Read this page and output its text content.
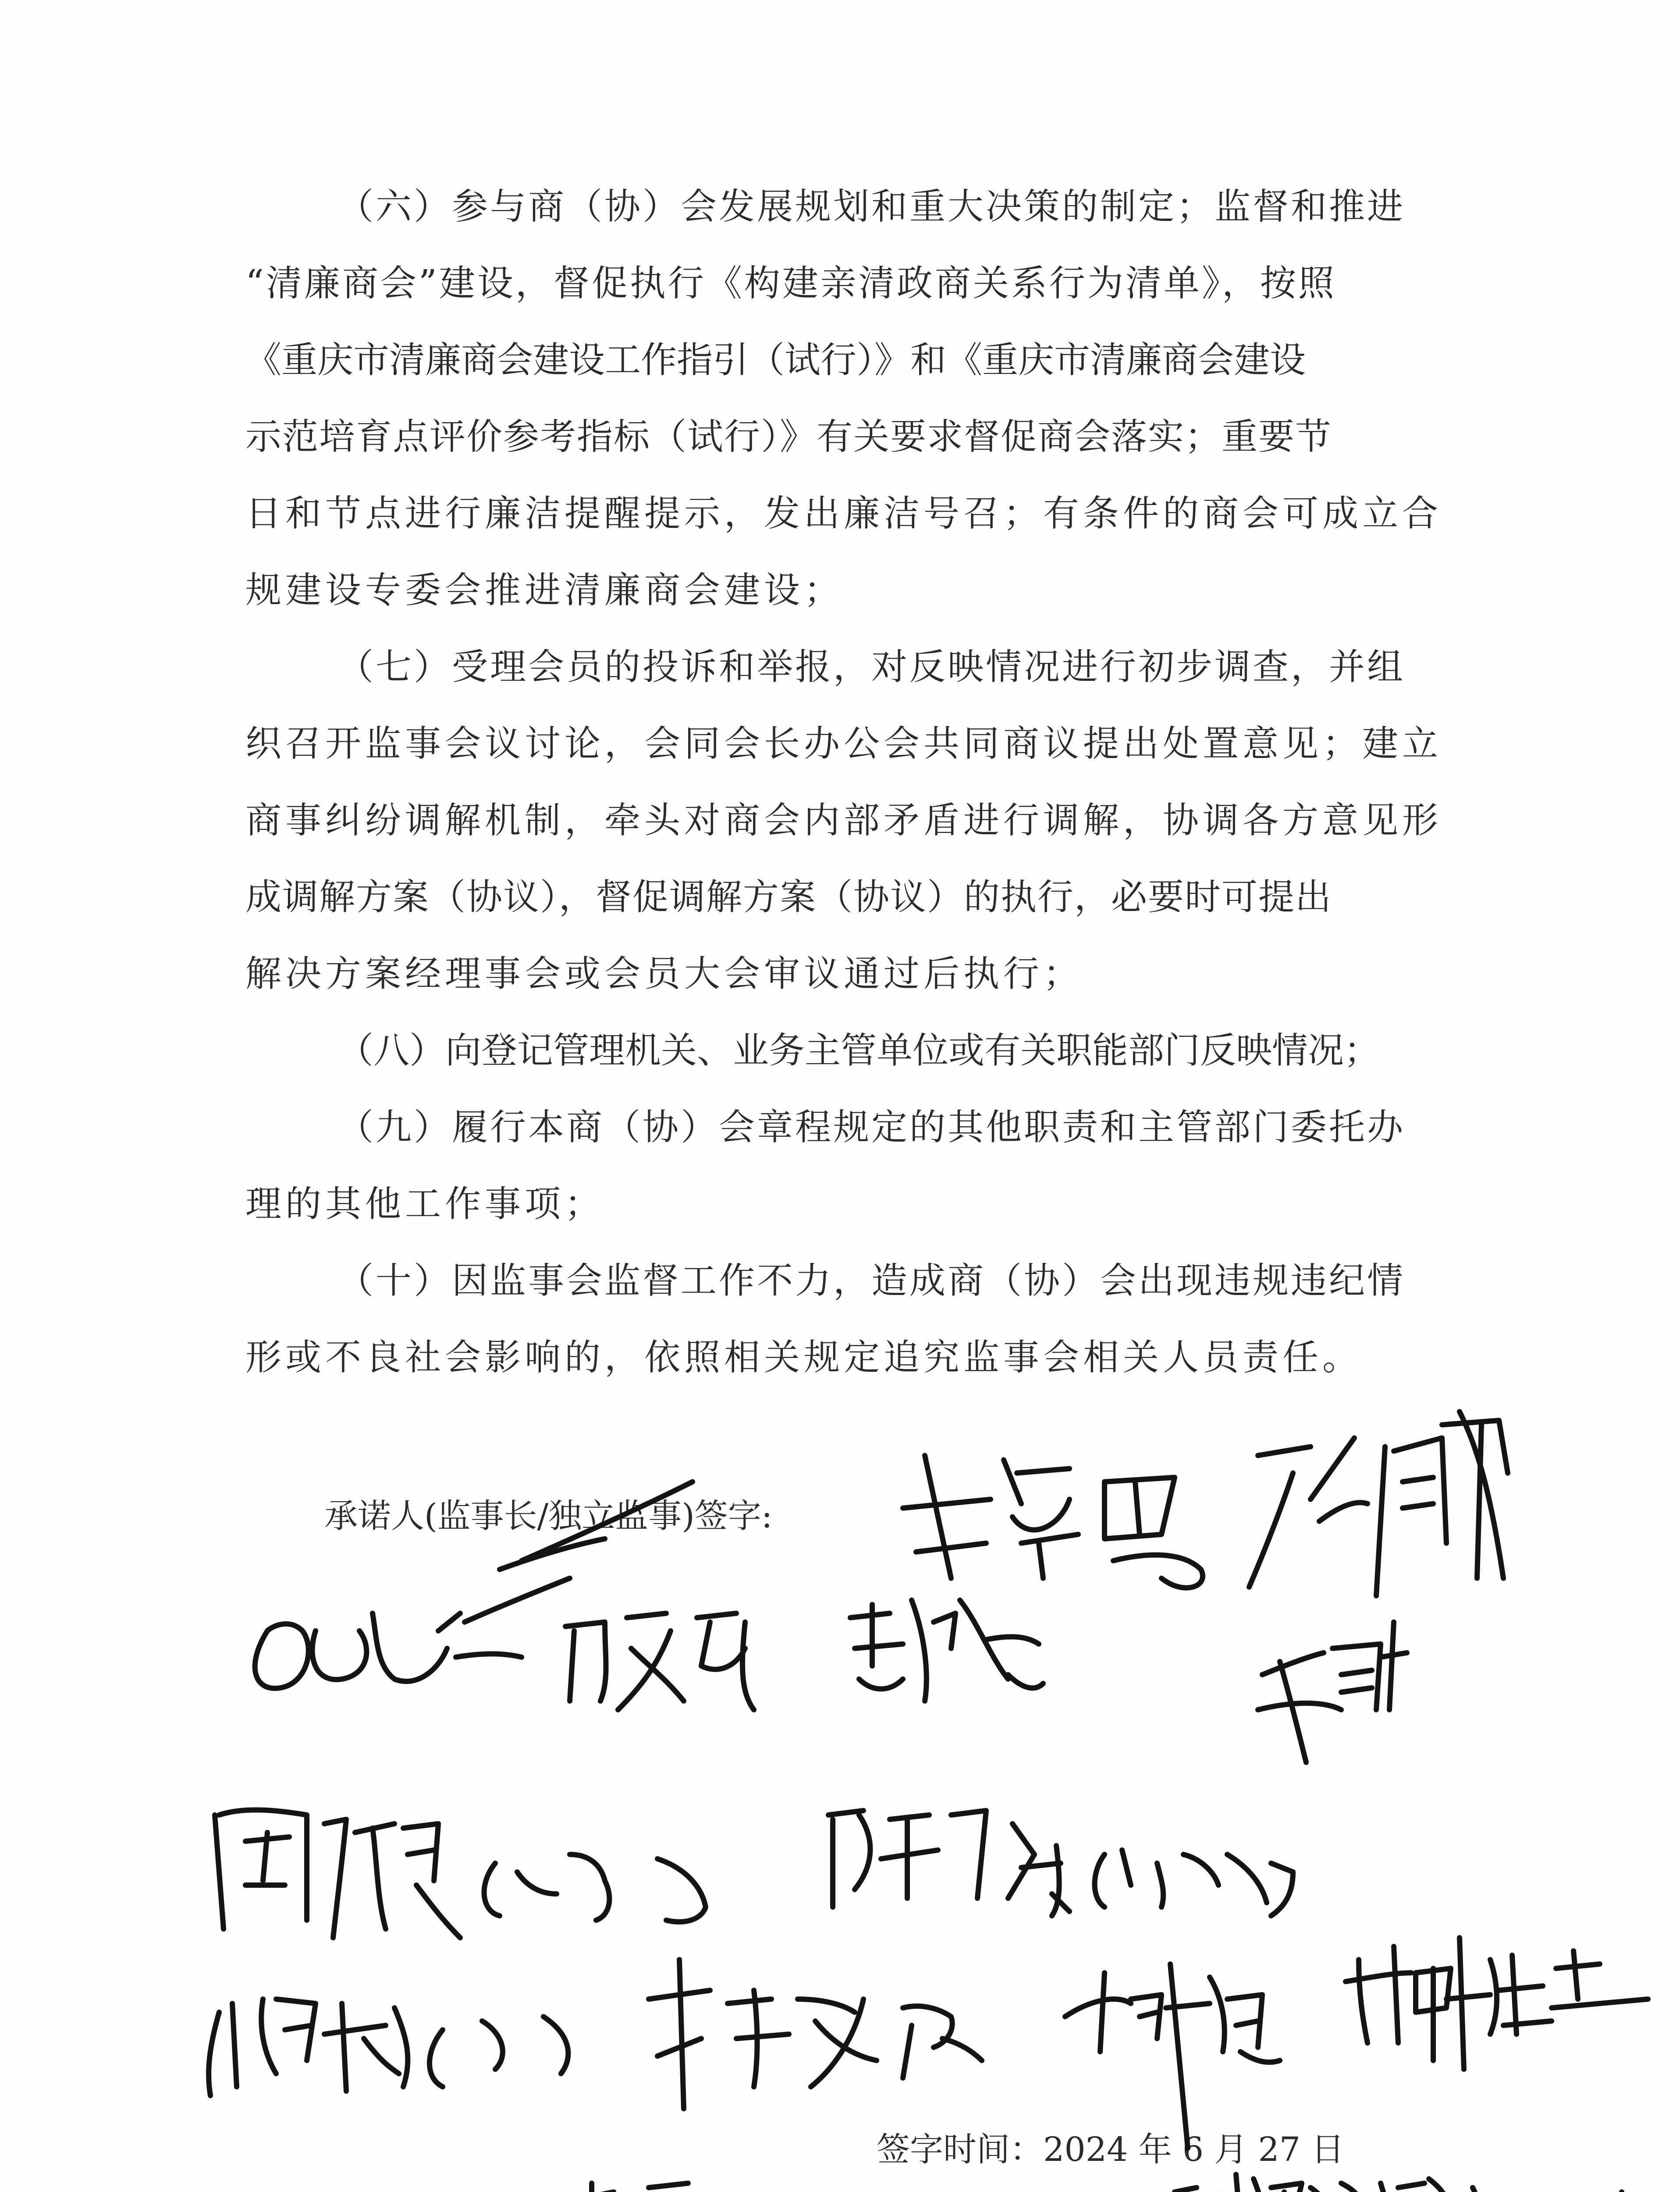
（六）参与商（协）会发展规划和重大决策的制定；监督和推进

“清廉商会”建设，督促执行《构建亲清政商关系行为清单》，按照

《重庆市清廉商会建设工作指引（试行）》和《重庆市清廉商会建设

示范培育点评价参考指标（试行）》有关要求督促商会落实；重要节

日和节点进行廉洁提醒提示，发出廉洁号召；有条件的商会可成立合

规建设专委会推进清廉商会建设；

（七）受理会员的投诉和举报，对反映情况进行初步调查，并组

织召开监事会议讨论，会同会长办公会共同商议提出处置意见；建立

商事纠纷调解机制，牵头对商会内部矛盾进行调解，协调各方意见形

成调解方案（协议），督促调解方案（协议）的执行，必要时可提出

解决方案经理事会或会员大会审议通过后执行；

（八）向登记管理机关、业务主管单位或有关职能部门反映情况；

（九）履行本商（协）会章程规定的其他职责和主管部门委托办

理的其他工作事项；

（十）因监事会监督工作不力，造成商（协）会出现违规违纪情

形或不良社会影响的，依照相关规定追究监事会相关人员责任。

承诺人(监事长/独立监事)签字:
签字时间：2024 年 6 月 27 日
